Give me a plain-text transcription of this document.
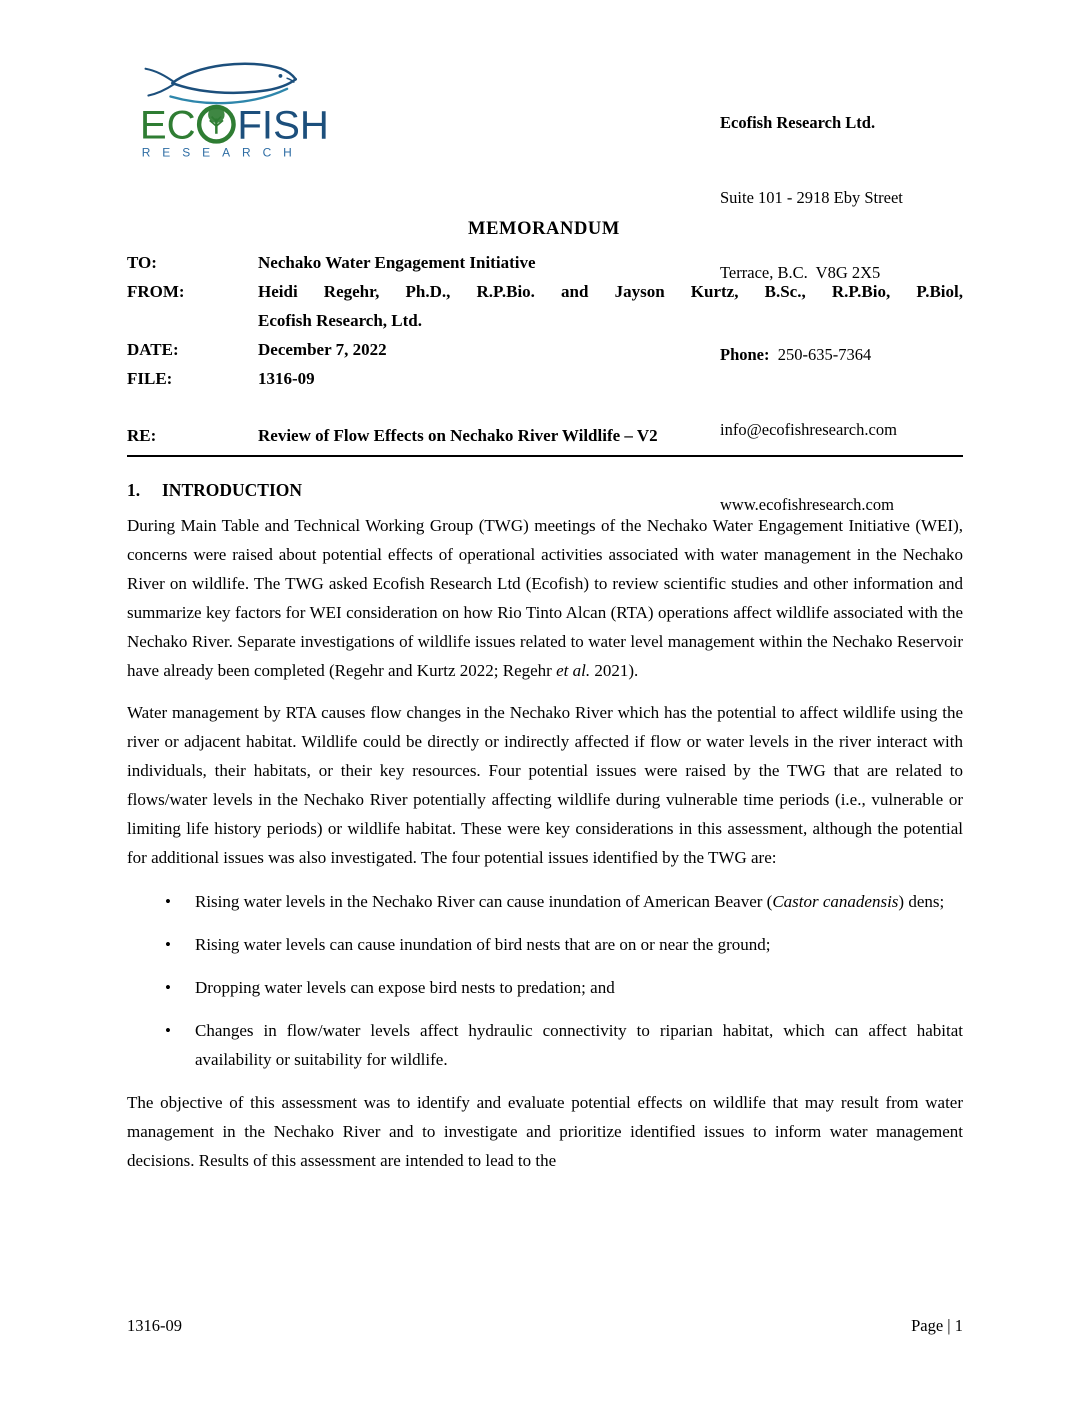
EC FISH
RESEARCH

Ecofish Research Ltd.

Suite 101 - 2918 Eby Street

Terrace, B.C.  V8G 2X5

Phone:  250-635-7364

info@ecofishresearch.com

www.ecofishresearch.com

MEMORANDUM
TO:	Nechako Water Engagement Initiative
FROM:	Heidi Regehr, Ph.D., R.P.Bio. and Jayson Kurtz, B.Sc., R.P.Bio, P.Biol,
Ecofish Research, Ltd.
DATE:	December 7, 2022
FILE:	1316-09
RE:	Review of Flow Effects on Nechako River Wildlife – V2
1. INTRODUCTION

During Main Table and Technical Working Group (TWG) meetings of the Nechako Water Engagement Initiative (WEI), concerns were raised about potential effects of operational activities associated with water management in the Nechako River on wildlife. The TWG asked Ecofish Research Ltd (Ecofish) to review scientific studies and other information and summarize key factors for WEI consideration on how Rio Tinto Alcan (RTA) operations affect wildlife associated with the Nechako River. Separate investigations of wildlife issues related to water level management within the Nechako Reservoir have already been completed (Regehr and Kurtz 2022; Regehr et al. 2021).

Water management by RTA causes flow changes in the Nechako River which has the potential to affect wildlife using the river or adjacent habitat. Wildlife could be directly or indirectly affected if flow or water levels in the river interact with individuals, their habitats, or their key resources. Four potential issues were raised by the TWG that are related to flows/water levels in the Nechako River potentially affecting wildlife during vulnerable time periods (i.e., vulnerable or limiting life history periods) or wildlife habitat. These were key considerations in this assessment, although the potential for additional issues was also investigated. The four potential issues identified by the TWG are:

• Rising water levels in the Nechako River can cause inundation of American Beaver (Castor canadensis) dens;
• Rising water levels can cause inundation of bird nests that are on or near the ground;
• Dropping water levels can expose bird nests to predation; and
• Changes in flow/water levels affect hydraulic connectivity to riparian habitat, which can affect habitat availability or suitability for wildlife.

The objective of this assessment was to identify and evaluate potential effects on wildlife that may result from water management in the Nechako River and to investigate and prioritize identified issues to inform water management decisions. Results of this assessment are intended to lead to the

1316-09	Page | 1
